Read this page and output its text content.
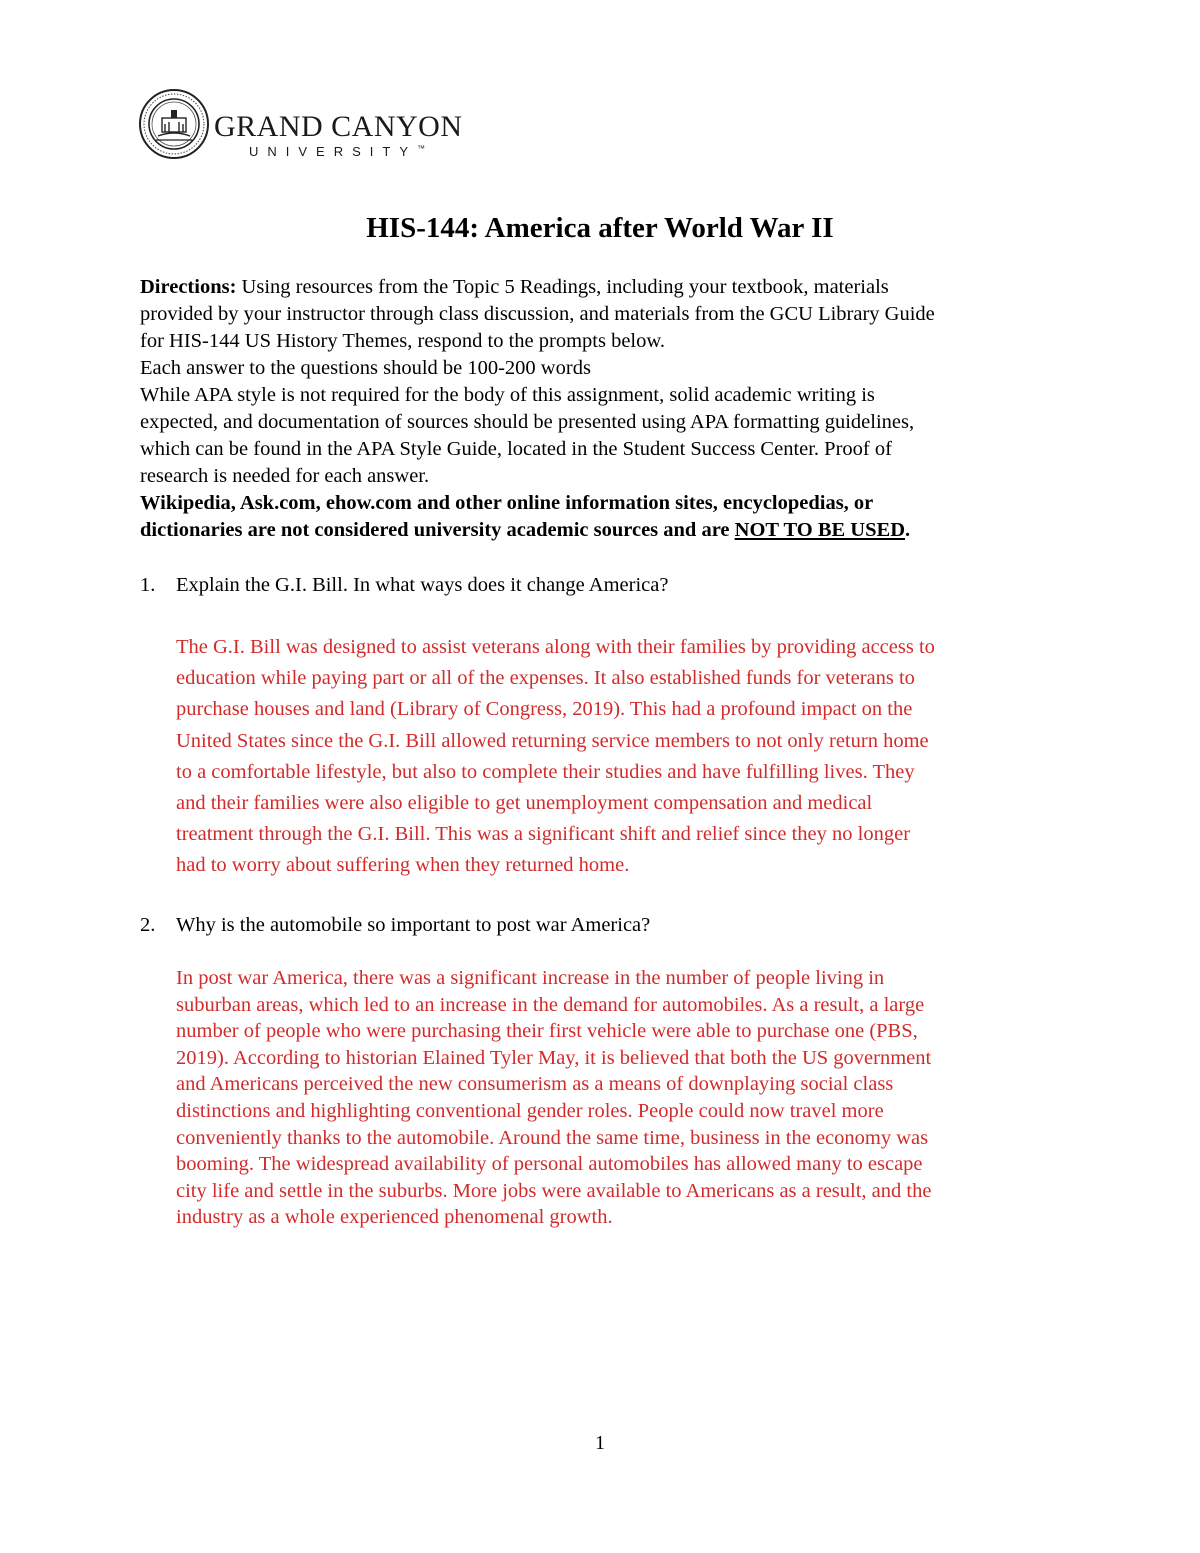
GRAND CANYON
UNIVERSITY™
HIS-144: America after World War II
Directions: Using resources from the Topic 5 Readings, including your textbook, materials
provided by your instructor through class discussion, and materials from the GCU Library Guide
for HIS-144 US History Themes, respond to the prompts below.
Each answer to the questions should be 100-200 words
While APA style is not required for the body of this assignment, solid academic writing is
expected, and documentation of sources should be presented using APA formatting guidelines,
which can be found in the APA Style Guide, located in the Student Success Center. Proof of
research is needed for each answer.
Wikipedia, Ask.com, ehow.com and other online information sites, encyclopedias, or
dictionaries are not considered university academic sources and are NOT TO BE USED.
1. Explain the G.I. Bill. In what ways does it change America?
The G.I. Bill was designed to assist veterans along with their families by providing access to
education while paying part or all of the expenses. It also established funds for veterans to
purchase houses and land (Library of Congress, 2019). This had a profound impact on the
United States since the G.I. Bill allowed returning service members to not only return home
to a comfortable lifestyle, but also to complete their studies and have fulfilling lives. They
and their families were also eligible to get unemployment compensation and medical
treatment through the G.I. Bill. This was a significant shift and relief since they no longer
had to worry about suffering when they returned home.
2. Why is the automobile so important to post war America?
In post war America, there was a significant increase in the number of people living in
suburban areas, which led to an increase in the demand for automobiles. As a result, a large
number of people who were purchasing their first vehicle were able to purchase one (PBS,
2019). According to historian Elained Tyler May, it is believed that both the US government
and Americans perceived the new consumerism as a means of downplaying social class
distinctions and highlighting conventional gender roles. People could now travel more
conveniently thanks to the automobile. Around the same time, business in the economy was
booming. The widespread availability of personal automobiles has allowed many to escape
city life and settle in the suburbs. More jobs were available to Americans as a result, and the
industry as a whole experienced phenomenal growth.
1
